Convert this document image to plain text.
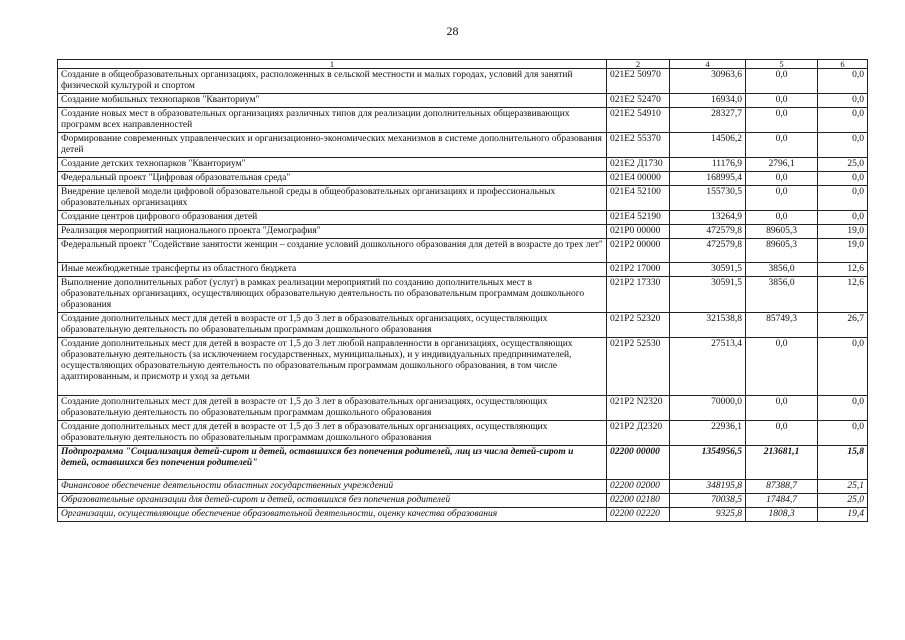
28
1	2	4	5	6
Создание в общеобразовательных организациях, расположенных в сельской местности и малых городах, условий для занятий физической культурой и спортом	021E2 50970	30963,6	0,0	0,0
Создание мобильных технопарков "Кванториум"	021E2 52470	16934,0	0,0	0,0
Создание новых мест в образовательных организациях различных типов для реализации дополнительных общеразвивающих программ всех направленностей	021E2 54910	28327,7	0,0	0,0
Формирование современных управленческих и организационно-экономических механизмов в системе дополнительного образования детей	021E2 55370	14506,2	0,0	0,0
Создание детских технопарков "Кванториум"	021E2 Д1730	11176,9	2796,1	25,0
Федеральный проект "Цифровая образовательная среда"	021E4 00000	168995,4	0,0	0,0
Внедрение целевой модели цифровой образовательной среды в общеобразовательных организациях и профессиональных образовательных организациях	021E4 52100	155730,5	0,0	0,0
Создание центров цифрового образования детей	021E4 52190	13264,9	0,0	0,0
Реализация мероприятий национального проекта "Демография"	021P0 00000	472579,8	89605,3	19,0
Федеральный проект "Содействие занятости женщин – создание условий дошкольного образования для детей в возрасте до трех лет"	021P2 00000	472579,8	89605,3	19,0
Иные межбюджетные трансферты из областного бюджета	021P2 17000	30591,5	3856,0	12,6
Выполнение дополнительных работ (услуг) в рамках реализации мероприятий по созданию дополнительных мест в образовательных организациях, осуществляющих образовательную деятельность по образовательным программам дошкольного образования	021P2 17330	30591,5	3856,0	12,6
Создание дополнительных мест для детей в возрасте от 1,5 до 3 лет в образовательных организациях, осуществляющих образовательную деятельность по образовательным программам дошкольного образования	021P2 52320	321538,8	85749,3	26,7
Создание дополнительных мест для детей в возрасте от 1,5 до 3 лет любой направленности в организациях, осуществляющих образовательную деятельность (за исключением государственных, муниципальных), и у индивидуальных предпринимателей, осуществляющих образовательную деятельность по образовательным программам дошкольного образования, в том числе адаптированным, и присмотр и уход за детьми	021P2 52530	27513,4	0,0	0,0
Создание дополнительных мест для детей в возрасте от 1,5 до 3 лет в образовательных организациях, осуществляющих образовательную деятельность по образовательным программам дошкольного образования	021P2 N2320	70000,0	0,0	0,0
Создание дополнительных мест для детей в возрасте от 1,5 до 3 лет в образовательных организациях, осуществляющих образовательную деятельность по образовательным программам дошкольного образования	021P2 Д2320	22936,1	0,0	0,0
Подпрограмма "Социализация детей-сирот и детей, оставшихся без попечения родителей, лиц из числа детей-сирот и детей, оставшихся без попечения родителей"	02200 00000	1354956,5	213681,1	15,8
Финансовое обеспечение деятельности областных государственных учреждений	02200 02000	348195,8	87388,7	25,1
Образовательные организации для детей-сирот и детей, оставшихся без попечения родителей	02200 02180	70038,5	17484,7	25,0
Организации, осуществляющие обеспечение образовательной деятельности, оценку качества образования	02200 02220	9325,8	1808,3	19,4
